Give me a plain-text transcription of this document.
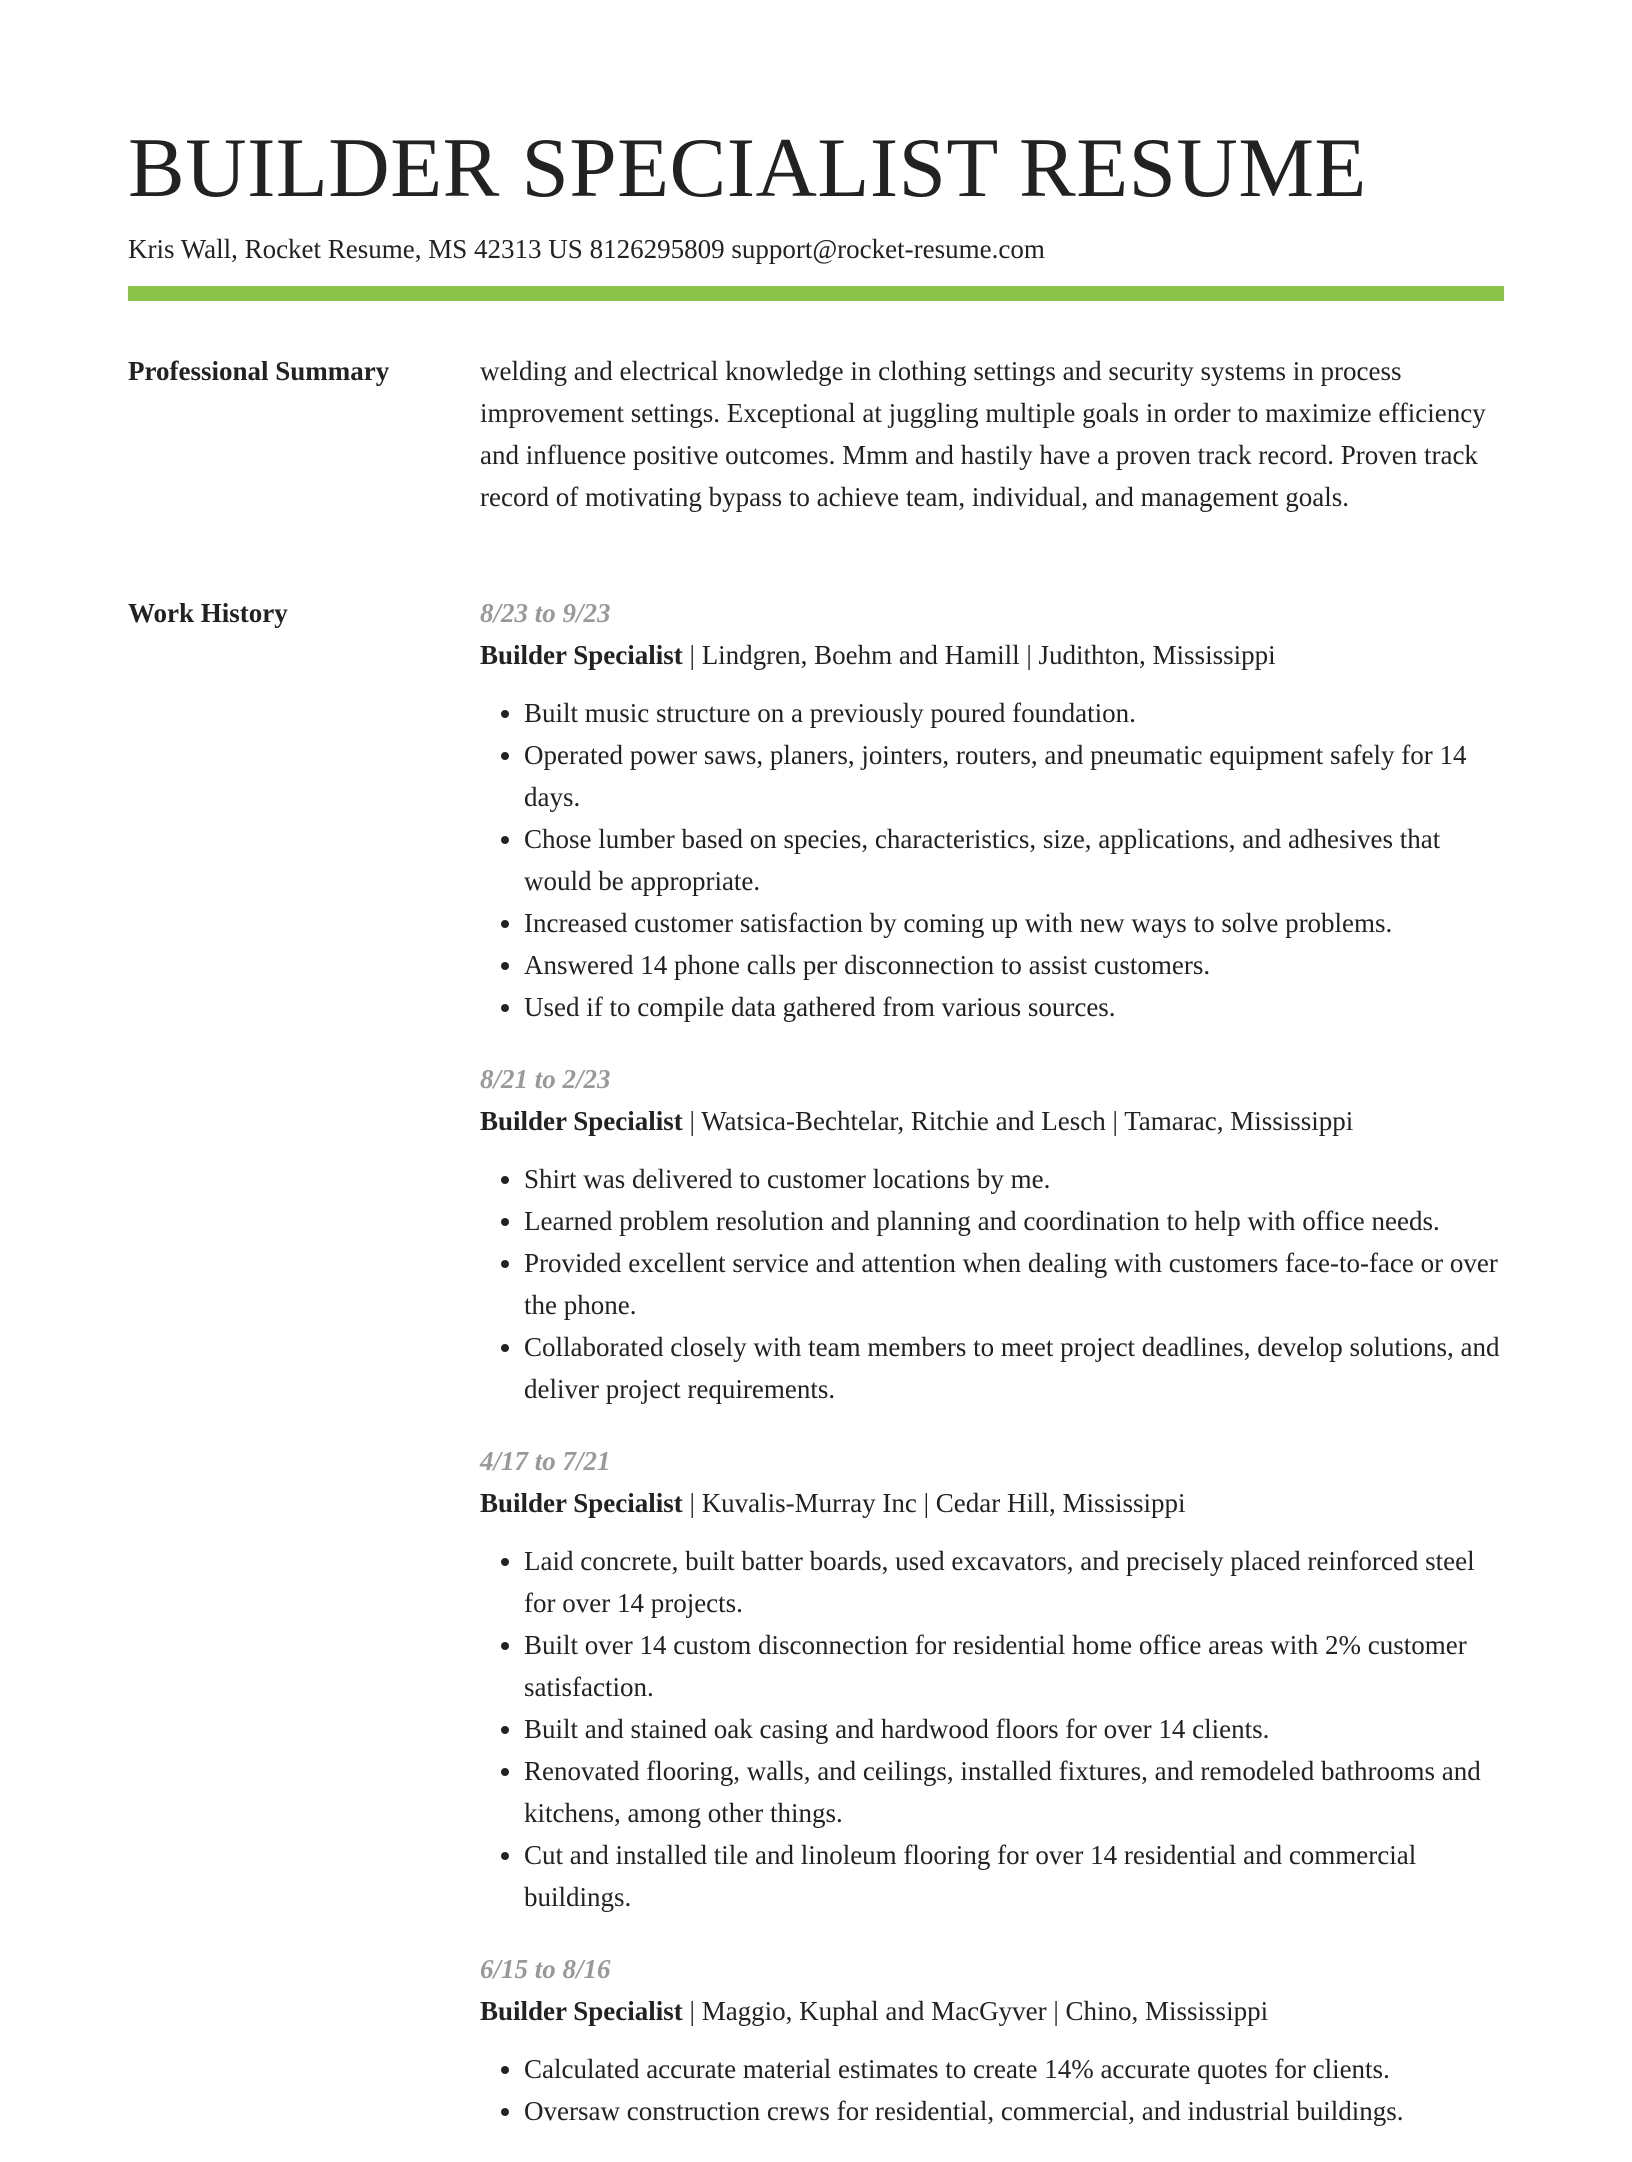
BUILDER SPECIALIST RESUME
Kris Wall, Rocket Resume, MS 42313 US 8126295809 support@rocket-resume.com
Professional Summary	welding and electrical knowledge in clothing settings and security systems in process improvement settings. Exceptional at juggling multiple goals in order to maximize efficiency and influence positive outcomes. Mmm and hastily have a proven track record. Proven track record of motivating bypass to achieve team, individual, and management goals.

Work History	8/23 to 9/23
Builder Specialist | Lindgren, Boehm and Hamill | Judithton, Mississippi
• Built music structure on a previously poured foundation.
• Operated power saws, planers, jointers, routers, and pneumatic equipment safely for 14 days.
• Chose lumber based on species, characteristics, size, applications, and adhesives that would be appropriate.
• Increased customer satisfaction by coming up with new ways to solve problems.
• Answered 14 phone calls per disconnection to assist customers.
• Used if to compile data gathered from various sources.
8/21 to 2/23
Builder Specialist | Watsica-Bechtelar, Ritchie and Lesch | Tamarac, Mississippi
• Shirt was delivered to customer locations by me.
• Learned problem resolution and planning and coordination to help with office needs.
• Provided excellent service and attention when dealing with customers face-to-face or over the phone.
• Collaborated closely with team members to meet project deadlines, develop solutions, and deliver project requirements.
4/17 to 7/21
Builder Specialist | Kuvalis-Murray Inc | Cedar Hill, Mississippi
• Laid concrete, built batter boards, used excavators, and precisely placed reinforced steel for over 14 projects.
• Built over 14 custom disconnection for residential home office areas with 2% customer satisfaction.
• Built and stained oak casing and hardwood floors for over 14 clients.
• Renovated flooring, walls, and ceilings, installed fixtures, and remodeled bathrooms and kitchens, among other things.
• Cut and installed tile and linoleum flooring for over 14 residential and commercial buildings.
6/15 to 8/16
Builder Specialist | Maggio, Kuphal and MacGyver | Chino, Mississippi
• Calculated accurate material estimates to create 14% accurate quotes for clients.
• Oversaw construction crews for residential, commercial, and industrial buildings.
